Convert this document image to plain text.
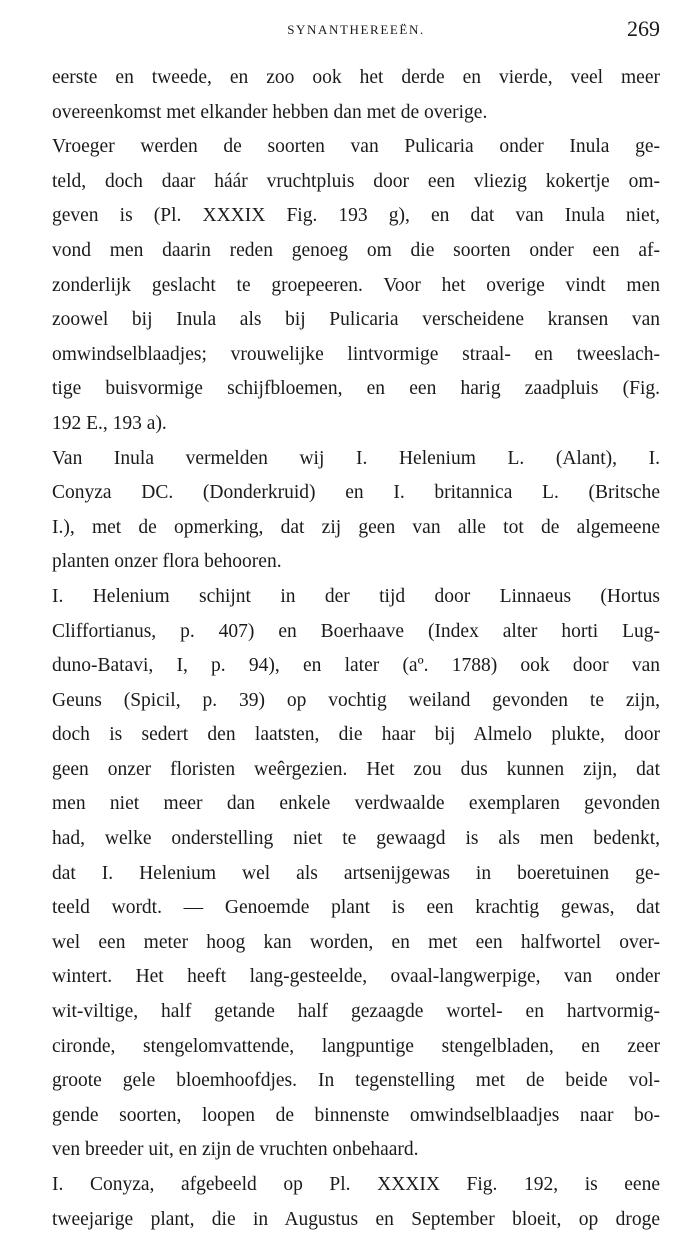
SYNANTHEREEËN.	269
eerste en tweede, en zoo ook het derde en vierde, veel meer
overeenkomst met elkander hebben dan met de overige.
Vroeger werden de soorten van Pulicaria onder Inula ge-
teld, doch daar háár vruchtpluis door een vliezig kokertje om-
geven is (Pl. XXXIX Fig. 193 g), en dat van Inula niet,
vond men daarin reden genoeg om die soorten onder een af-
zonderlijk geslacht te groepeeren. Voor het overige vindt men
zoowel bij Inula als bij Pulicaria verscheidene kransen van
omwindselblaadjes; vrouwelijke lintvormige straal- en tweeslach-
tige buisvormige schijfbloemen, en een harig zaadpluis (Fig.
192 E., 193 a).
Van Inula vermelden wij I. Helenium L. (Alant), I.
Conyza DC. (Donderkruid) en I. britannica L. (Britsche
I.), met de opmerking, dat zij geen van alle tot de algemeene
planten onzer flora behooren.
I. Helenium schijnt in der tijd door Linnaeus (Hortus
Cliffortianus, p. 407) en Boerhaave (Index alter horti Lug-
duno-Batavi, I, p. 94), en later (aº. 1788) ook door van
Geuns (Spicil, p. 39) op vochtig weiland gevonden te zijn,
doch is sedert den laatsten, die haar bij Almelo plukte, door
geen onzer floristen weêrgezien. Het zou dus kunnen zijn, dat
men niet meer dan enkele verdwaalde exemplaren gevonden
had, welke onderstelling niet te gewaagd is als men bedenkt,
dat I. Helenium wel als artsenijgewas in boeretuinen ge-
teeld wordt. — Genoemde plant is een krachtig gewas, dat
wel een meter hoog kan worden, en met een halfwortel over-
wintert. Het heeft lang-gesteelde, ovaal-langwerpige, van onder
wit-viltige, half getande half gezaagde wortel- en hartvormig-
cironde, stengelomvattende, langpuntige stengelbladen, en zeer
groote gele bloemhoofdjes. In tegenstelling met de beide vol-
gende soorten, loopen de binnenste omwindselblaadjes naar bo-
ven breeder uit, en zijn de vruchten onbehaard.
I. Conyza, afgebeeld op Pl. XXXIX Fig. 192, is eene
tweejarige plant, die in Augustus en September bloeit, op droge
